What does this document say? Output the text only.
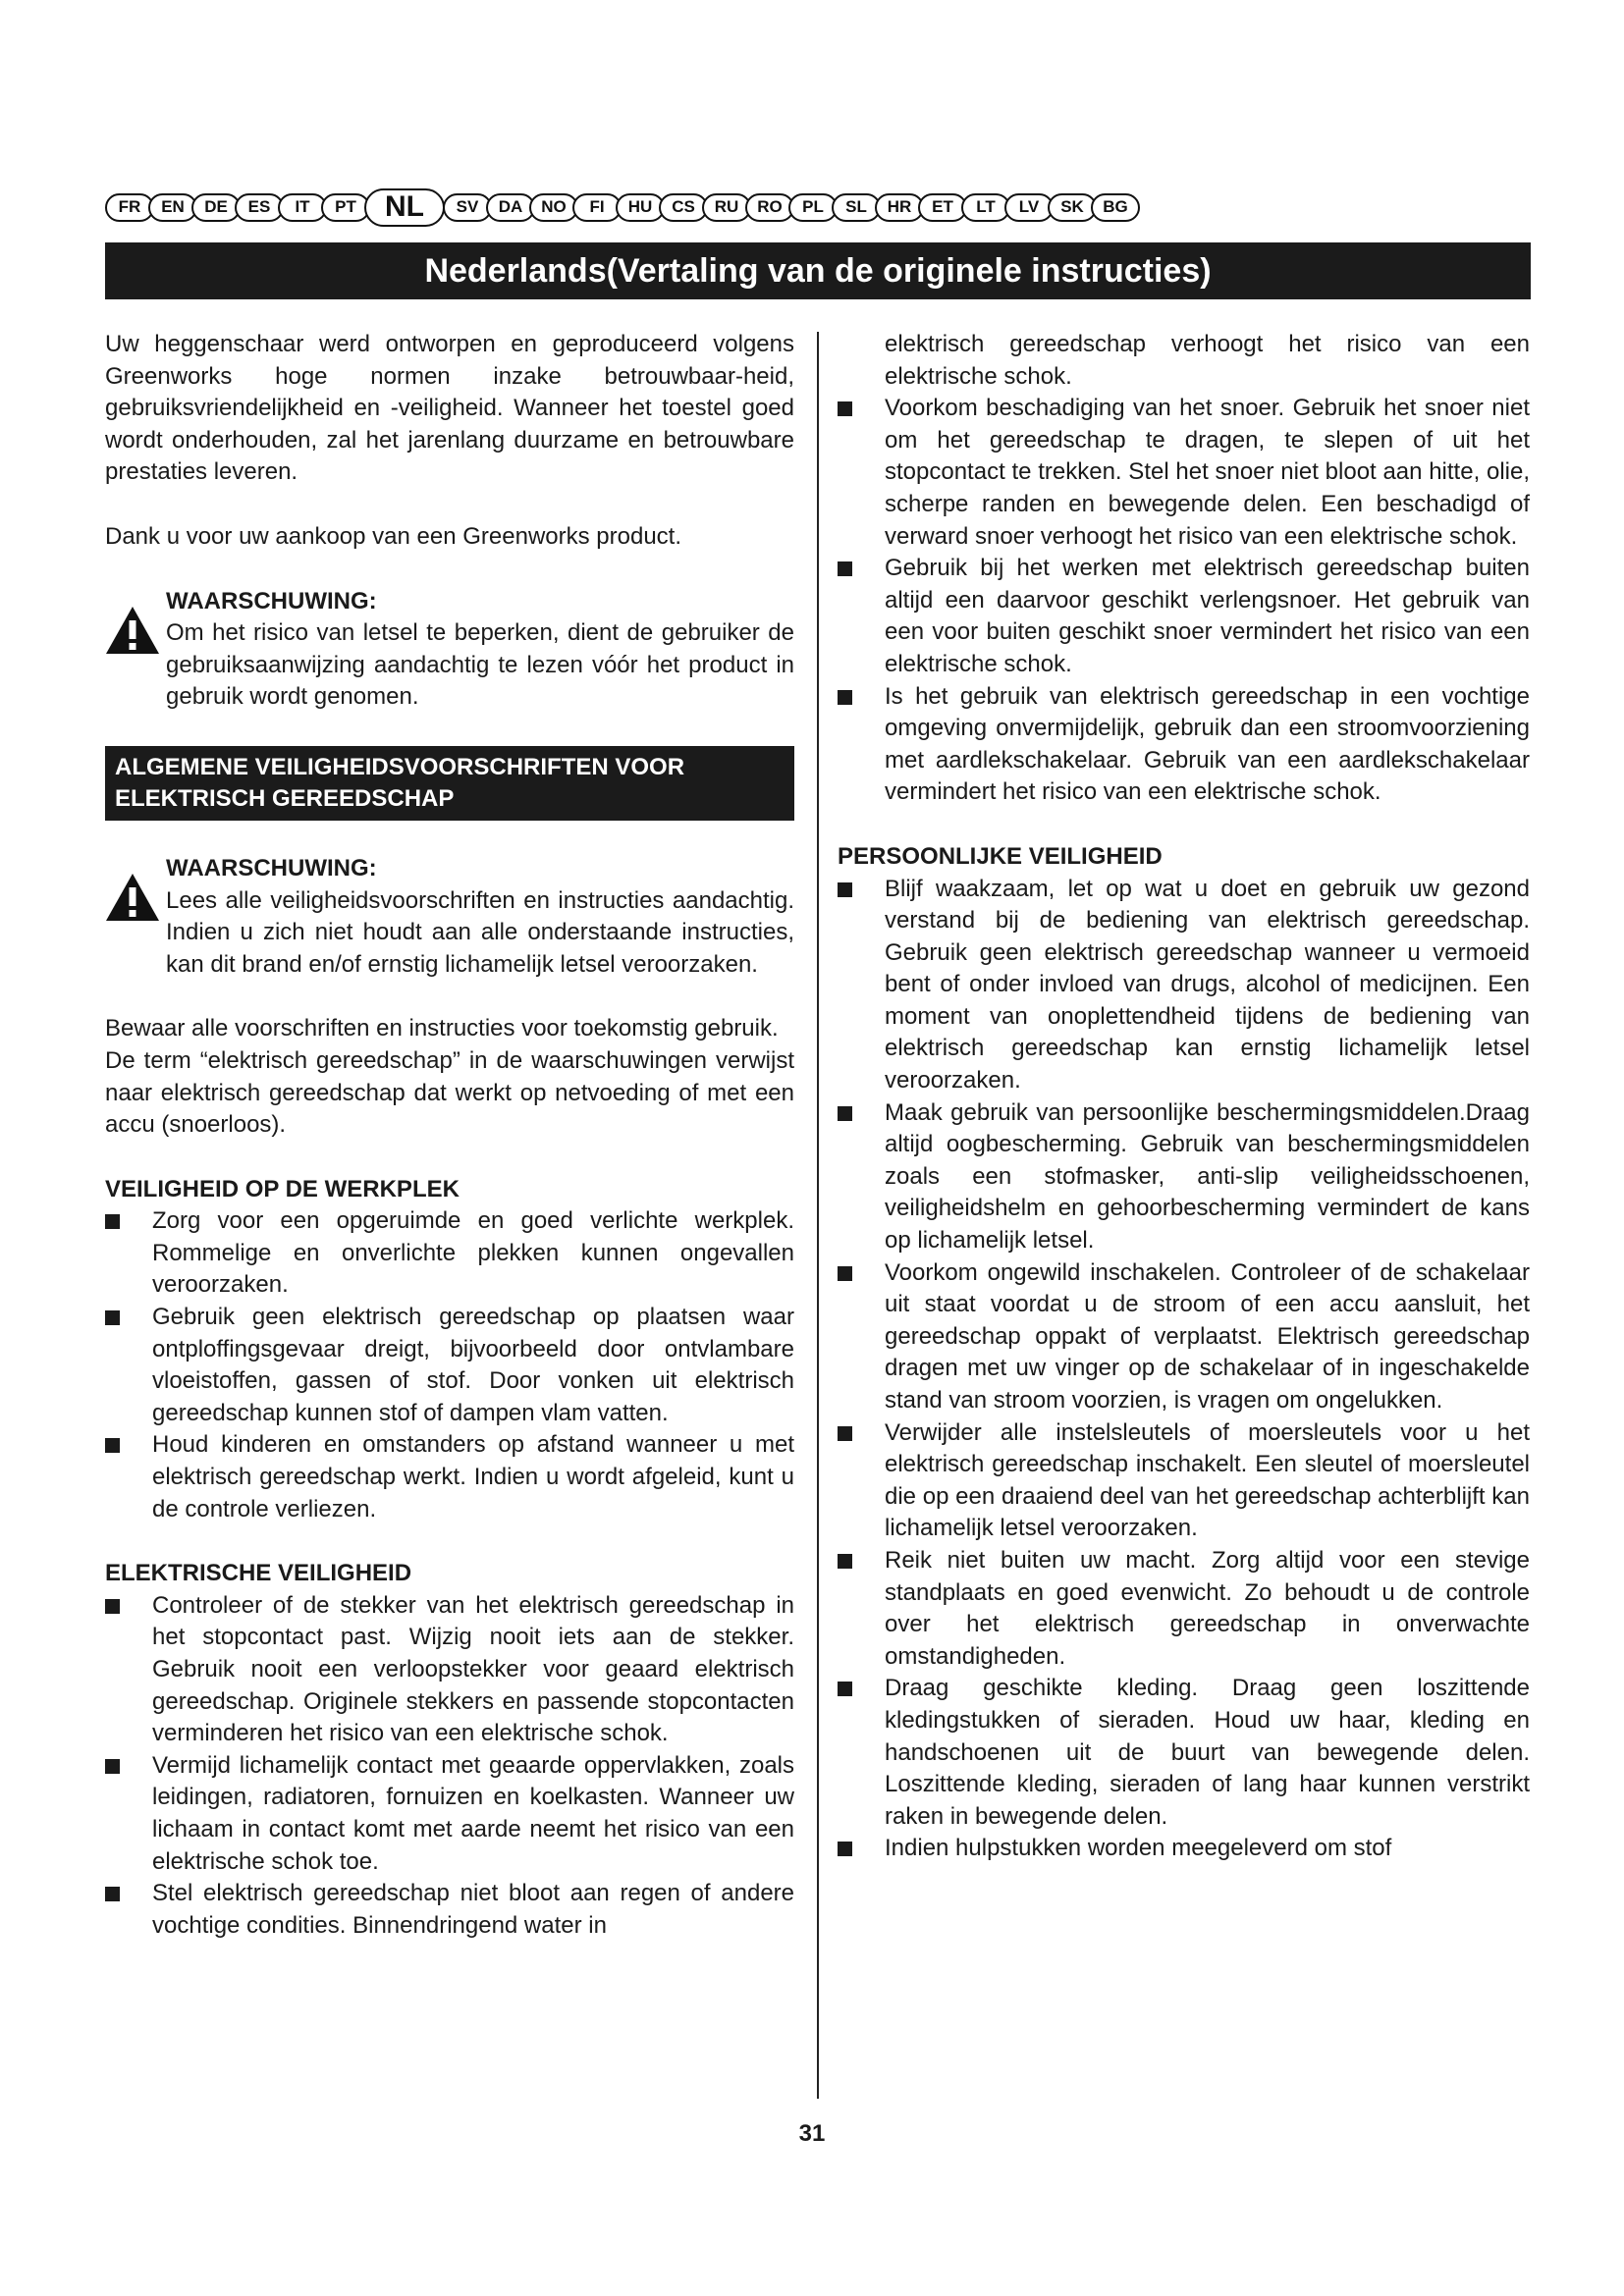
FR	EN	DE	ES	IT	PT NL	SV	DA	NO	FI	HU	CS	RU	RO	PL	SL	HR	ET	LT	LV	SK	BG
Nederlands(Vertaling van de originele instructies)

Uw heggenschaar werd ontworpen en geproduceerd volgens Greenworks hoge normen inzake betrouwbaar-heid, gebruiksvriendelijkheid en -veiligheid. Wanneer het toestel goed wordt onderhouden, zal het jarenlang duurzame en betrouwbare prestaties leveren.

Dank u voor uw aankoop van een Greenworks product.

WAARSCHUWING:

Om het risico van letsel te beperken, dient de gebruiker de gebruiksaanwijzing aandachtig te lezen vóór het product in gebruik wordt genomen.

ALGEMENE VEILIGHEIDSVOORSCHRIFTEN VOOR
ELEKTRISCH GEREEDSCHAP

WAARSCHUWING:

Lees alle veiligheidsvoorschriften en instructies aandachtig. Indien u zich niet houdt aan alle onderstaande instructies, kan dit brand en/of ernstig lichamelijk letsel veroorzaken.

Bewaar alle voorschriften en instructies voor toekomstig gebruik.

De term “elektrisch gereedschap” in de waarschuwingen verwijst naar elektrisch gereedschap dat werkt op netvoeding of met een accu (snoerloos).

VEILIGHEID OP DE WERKPLEK

Zorg voor een opgeruimde en goed verlichte werkplek. Rommelige en onverlichte plekken kunnen ongevallen veroorzaken.
Gebruik geen elektrisch gereedschap op plaatsen waar ontploffingsgevaar dreigt, bijvoorbeeld door ontvlambare vloeistoffen, gassen of stof. Door vonken uit elektrisch gereedschap kunnen stof of dampen vlam vatten.
Houd kinderen en omstanders op afstand wanneer u met elektrisch gereedschap werkt. Indien u wordt afgeleid, kunt u de controle verliezen.

ELEKTRISCHE VEILIGHEID

Controleer of de stekker van het elektrisch gereedschap in het stopcontact past. Wijzig nooit iets aan de stekker. Gebruik nooit een verloopstekker voor geaard elektrisch gereedschap. Originele stekkers en passende stopcontacten verminderen het risico van een elektrische schok.
Vermijd lichamelijk contact met geaarde oppervlakken, zoals leidingen, radiatoren, fornuizen en koelkasten. Wanneer uw lichaam in contact komt met aarde neemt het risico van een elektrische schok toe.
Stel elektrisch gereedschap niet bloot aan regen of andere vochtige condities. Binnendringend water in

elektrisch gereedschap verhoogt het risico van een elektrische schok.

Voorkom beschadiging van het snoer. Gebruik het snoer niet om het gereedschap te dragen, te slepen of uit het stopcontact te trekken. Stel het snoer niet bloot aan hitte, olie, scherpe randen en bewegende delen. Een beschadigd of verward snoer verhoogt het risico van een elektrische schok.
Gebruik bij het werken met elektrisch gereedschap buiten altijd een daarvoor geschikt verlengsnoer. Het gebruik van een voor buiten geschikt snoer vermindert het risico van een elektrische schok.
Is het gebruik van elektrisch gereedschap in een vochtige omgeving onvermijdelijk, gebruik dan een stroomvoorziening met aardlekschakelaar. Gebruik van een aardlekschakelaar vermindert het risico van een elektrische schok.

PERSOONLIJKE VEILIGHEID

Blijf waakzaam, let op wat u doet en gebruik uw gezond verstand bij de bediening van elektrisch gereedschap. Gebruik geen elektrisch gereedschap wanneer u vermoeid bent of onder invloed van drugs, alcohol of medicijnen. Een moment van onoplettendheid tijdens de bediening van elektrisch gereedschap kan ernstig lichamelijk letsel veroorzaken.
Maak gebruik van persoonlijke beschermingsmiddelen.Draag altijd oogbescherming. Gebruik van beschermingsmiddelen zoals een stofmasker, anti-slip veiligheidsschoenen, veiligheidshelm en gehoorbescherming vermindert de kans op lichamelijk letsel.
Voorkom ongewild inschakelen. Controleer of de schakelaar uit staat voordat u de stroom of een accu aansluit, het gereedschap oppakt of verplaatst. Elektrisch gereedschap dragen met uw vinger op de schakelaar of in ingeschakelde stand van stroom voorzien, is vragen om ongelukken.
Verwijder alle instelsleutels of moersleutels voor u het elektrisch gereedschap inschakelt. Een sleutel of moersleutel die op een draaiend deel van het gereedschap achterblijft kan lichamelijk letsel veroorzaken.
Reik niet buiten uw macht. Zorg altijd voor een stevige standplaats en goed evenwicht. Zo behoudt u de controle over het elektrisch gereedschap in onverwachte omstandigheden.
Draag geschikte kleding. Draag geen loszittende kledingstukken of sieraden. Houd uw haar, kleding en handschoenen uit de buurt van bewegende delen. Loszittende kleding, sieraden of lang haar kunnen verstrikt raken in bewegende delen.
Indien hulpstukken worden meegeleverd om stof
31
